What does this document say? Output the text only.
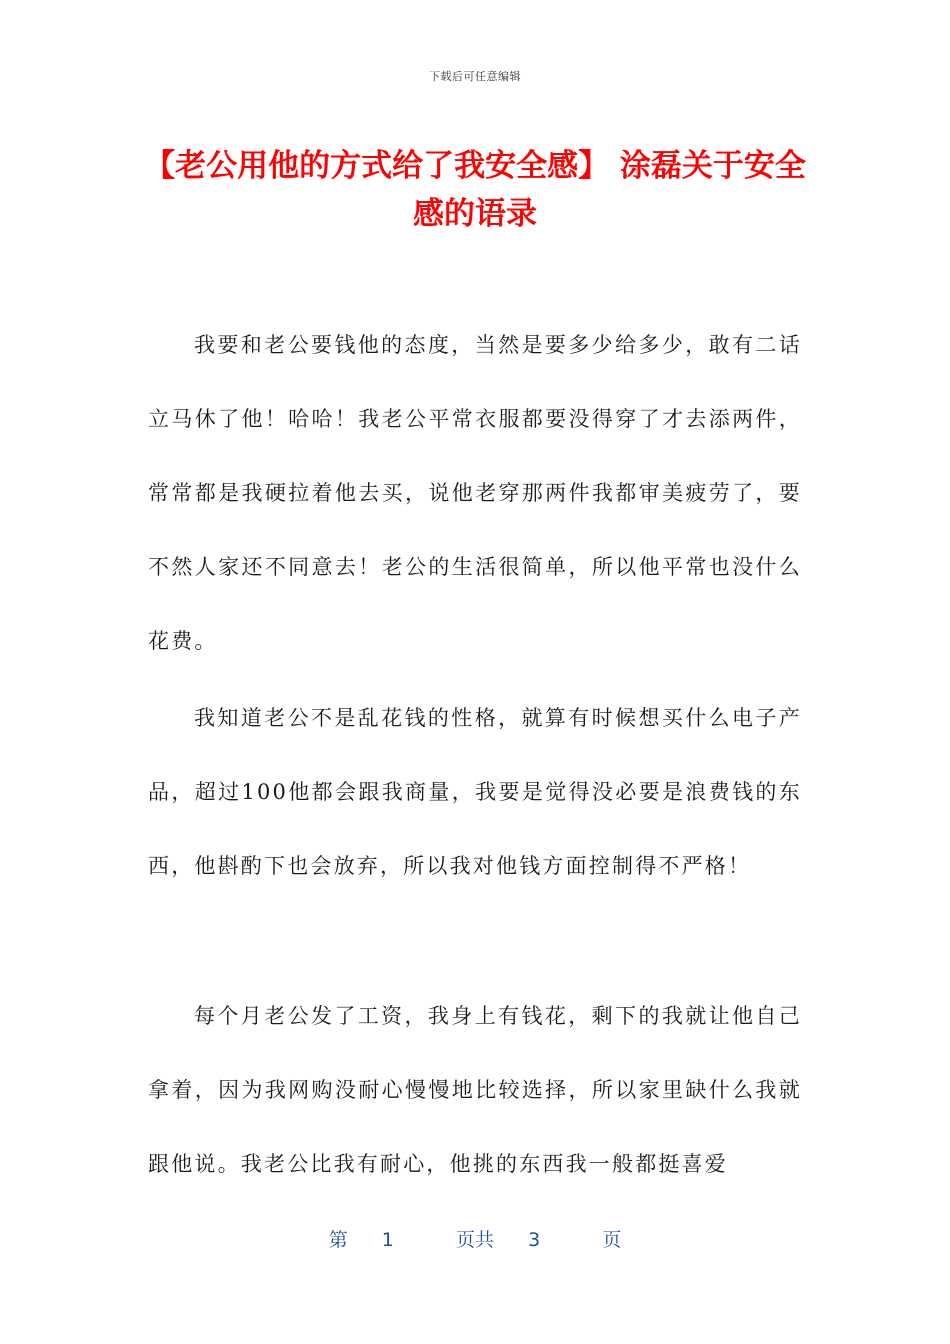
下载后可任意编辑
【老公用他的方式给了我安全感】 涂磊关于安全感的语录

我要和老公要钱他的态度，当然是要多少给多少，敢有二话立马休了他！哈哈！我老公平常衣服都要没得穿了才去添两件，常常都是我硬拉着他去买，说他老穿那两件我都审美疲劳了，要不然人家还不同意去！老公的生活很简单，所以他平常也没什么花费。

我知道老公不是乱花钱的性格，就算有时候想买什么电子产品，超过100他都会跟我商量，我要是觉得没必要是浪费钱的东西，他斟酌下也会放弃，所以我对他钱方面控制得不严格！

每个月老公发了工资，我身上有钱花，剩下的我就让他自己拿着，因为我网购没耐心慢慢地比较选择，所以家里缺什么我就跟他说。我老公比我有耐心，他挑的东西我一般都挺喜爱

第 1	页共 3	页
